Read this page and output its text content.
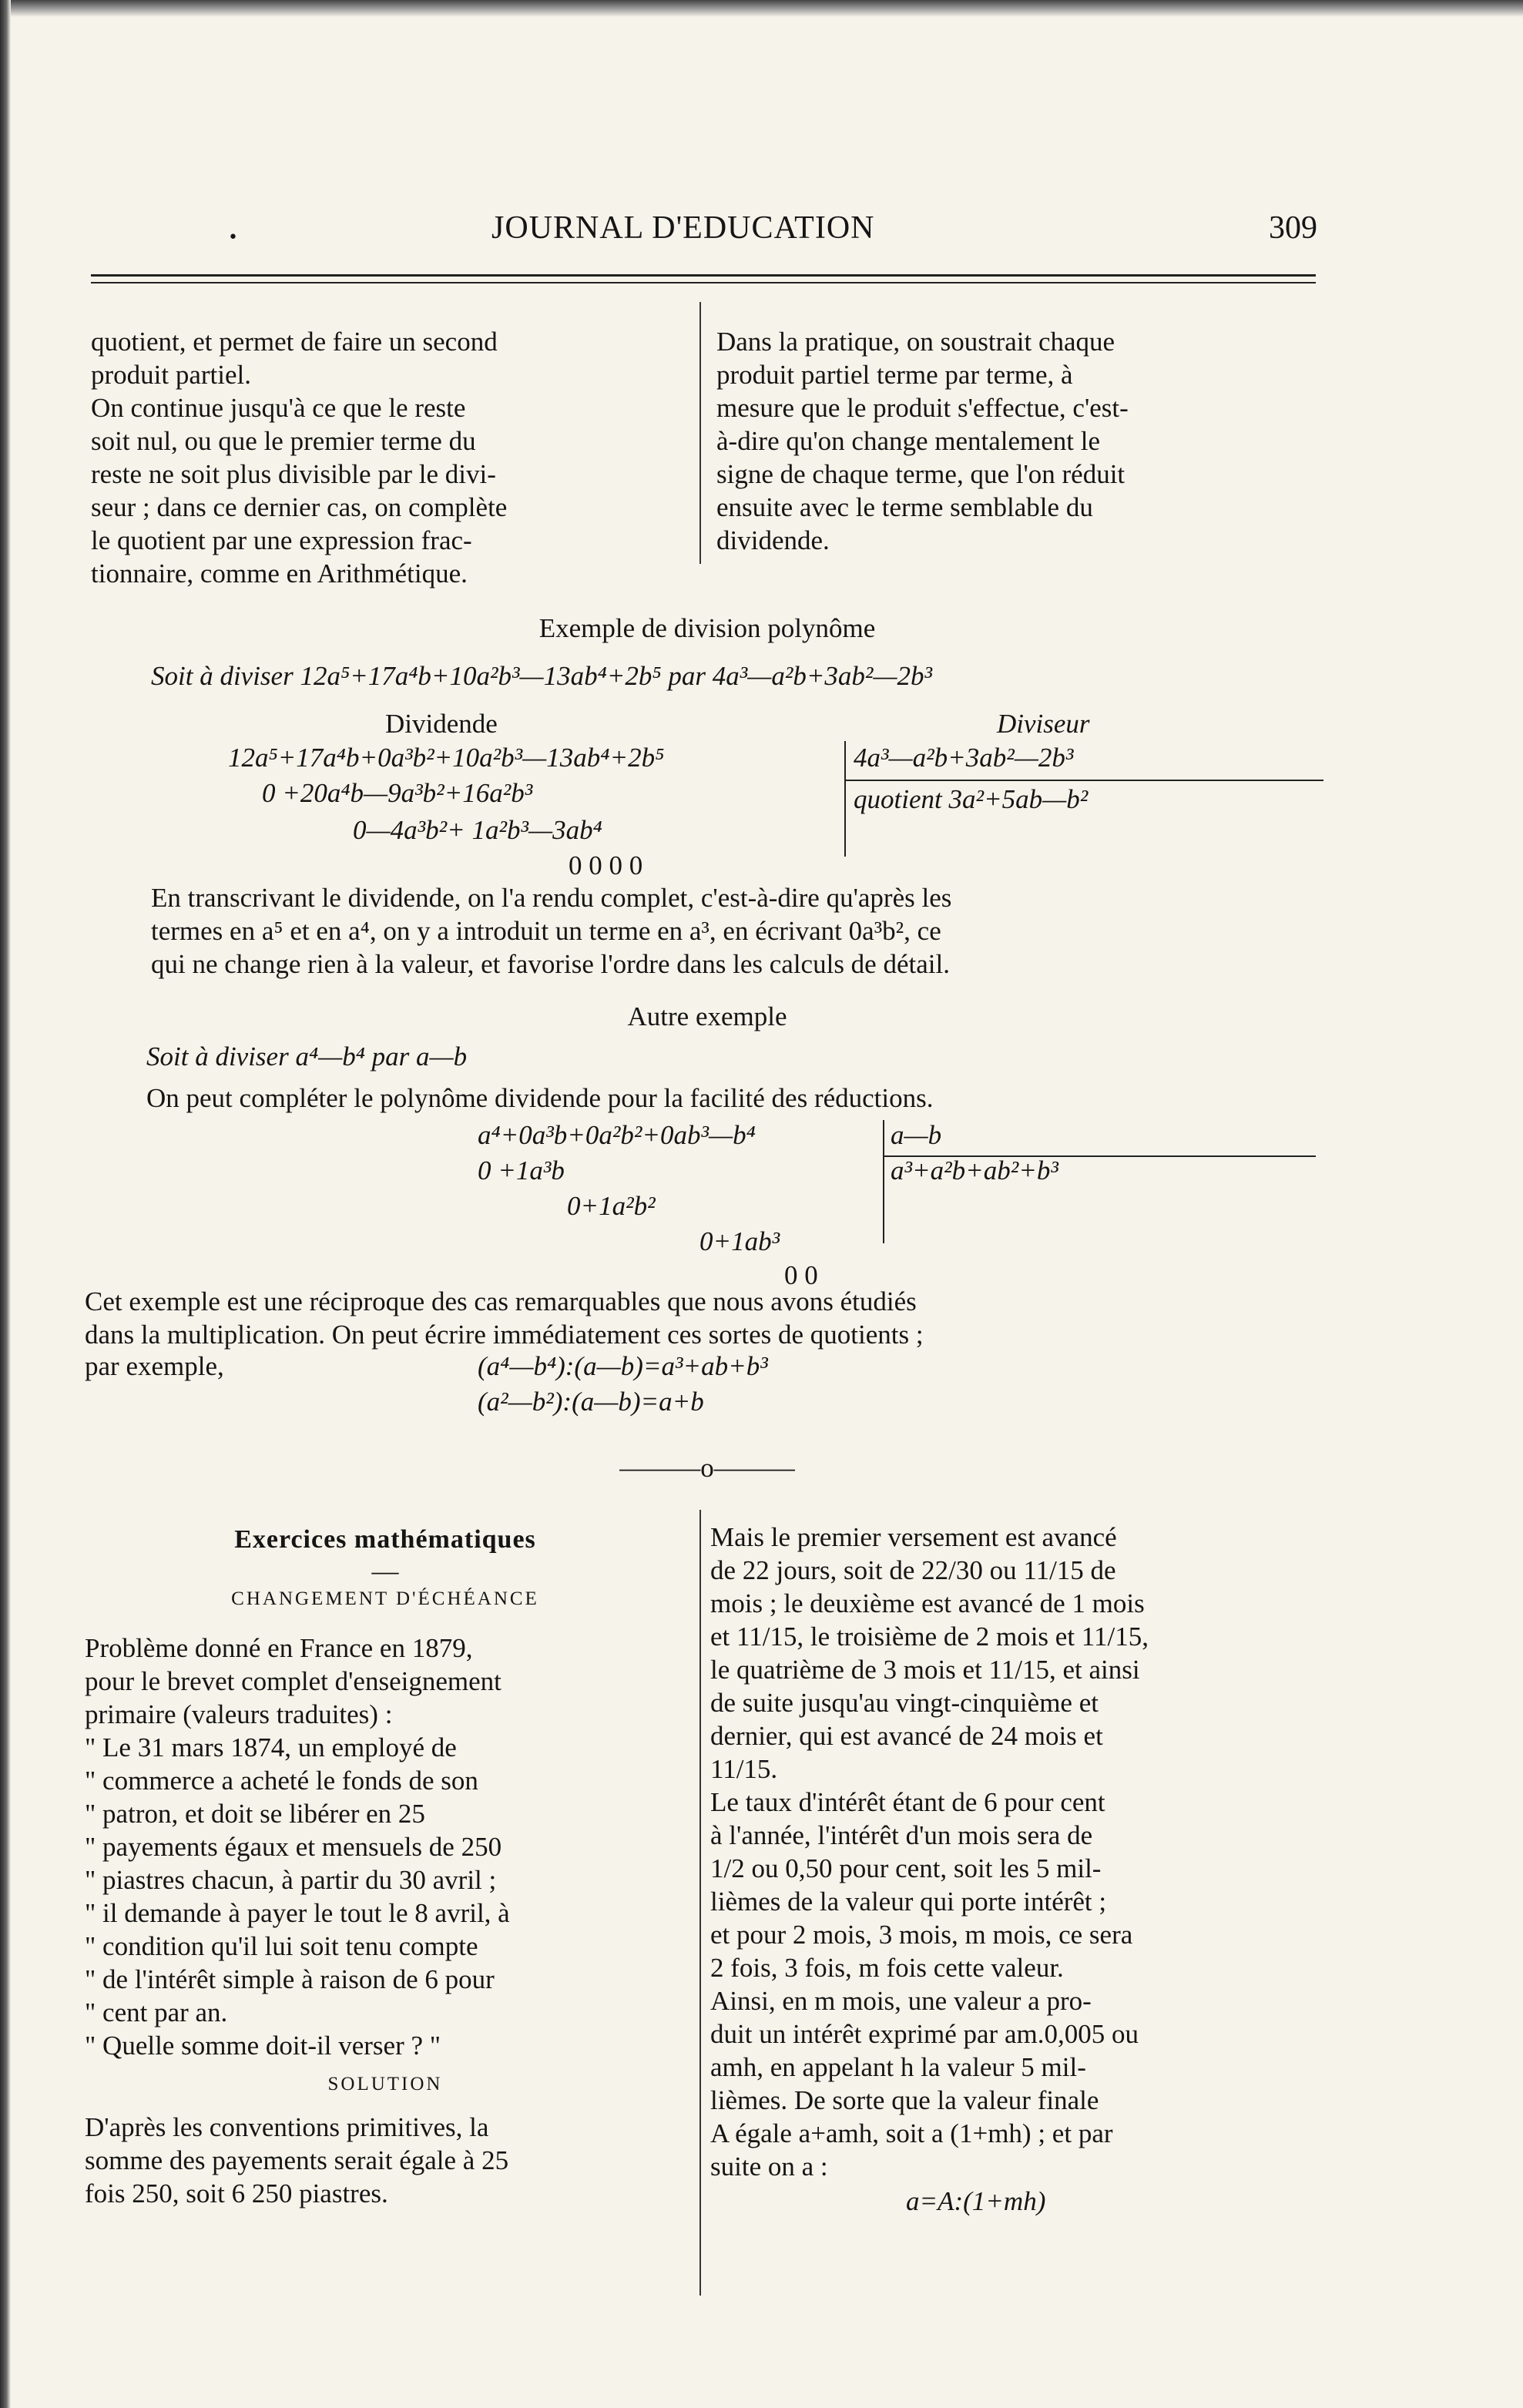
•	JOURNAL D'EDUCATION	309
quotient, et permet de faire un second
produit partiel.
On continue jusqu'à ce que le reste
soit nul, ou que le premier terme du
reste ne soit plus divisible par le divi-
seur ; dans ce dernier cas, on complète
le quotient par une expression frac-
tionnaire, comme en Arithmétique.
Dans la pratique, on soustrait chaque
produit partiel terme par terme, à
mesure que le produit s'effectue, c'est-
à-dire qu'on change mentalement le
signe de chaque terme, que l'on réduit
ensuite avec le terme semblable du
dividende.
Exemple de division polynôme
Soit à diviser 12a⁵+17a⁴b+10a²b³—13ab⁴+2b⁵ par 4a³—a²b+3ab²—2b³
Dividende	Diviseur
12a⁵+17a⁴b+0a³b²+10a²b³—13ab⁴+2b⁵
0 +20a⁴b—9a³b²+16a²b³
0—4a³b²+ 1a²b³—3ab⁴
0 0 0 0
4a³—a²b+3ab²—2b³
quotient 3a²+5ab—b²
En transcrivant le dividende, on l'a rendu complet, c'est-à-dire qu'après les
termes en a⁵ et en a⁴, on y a introduit un terme en a³, en écrivant 0a³b², ce
qui ne change rien à la valeur, et favorise l'ordre dans les calculs de détail.
Autre exemple
Soit à diviser a⁴—b⁴ par a—b
On peut compléter le polynôme dividende pour la facilité des réductions.
a⁴+0a³b+0a²b²+0ab³—b⁴
0 +1a³b
0+1a²b²
0+1ab³
0 0
a—b
a³+a²b+ab²+b³
Cet exemple est une réciproque des cas remarquables que nous avons étudiés
dans la multiplication. On peut écrire immédiatement ces sortes de quotients ;
par exemple,	(a⁴—b⁴):(a—b)=a³+ab+b³
(a²—b²):(a—b)=a+b
———o———
Exercices mathématiques
—
CHANGEMENT D'ÉCHÉANCE
Problème donné en France en 1879,
pour le brevet complet d'enseignement
primaire (valeurs traduites) :
" Le 31 mars 1874, un employé de
" commerce a acheté le fonds de son
" patron, et doit se libérer en 25
" payements égaux et mensuels de 250
" piastres chacun, à partir du 30 avril ;
" il demande à payer le tout le 8 avril, à
" condition qu'il lui soit tenu compte
" de l'intérêt simple à raison de 6 pour
" cent par an.
" Quelle somme doit-il verser ? "
SOLUTION
D'après les conventions primitives, la
somme des payements serait égale à 25
fois 250, soit 6 250 piastres.
Mais le premier versement est avancé
de 22 jours, soit de 22/30 ou 11/15 de
mois ; le deuxième est avancé de 1 mois
et 11/15, le troisième de 2 mois et 11/15,
le quatrième de 3 mois et 11/15, et ainsi
de suite jusqu'au vingt-cinquième et
dernier, qui est avancé de 24 mois et
11/15.
Le taux d'intérêt étant de 6 pour cent
à l'année, l'intérêt d'un mois sera de
1/2 ou 0,50 pour cent, soit les 5 mil-
lièmes de la valeur qui porte intérêt ;
et pour 2 mois, 3 mois, m mois, ce sera
2 fois, 3 fois, m fois cette valeur.
Ainsi, en m mois, une valeur a pro-
duit un intérêt exprimé par am.0,005 ou
amh, en appelant h la valeur 5 mil-
lièmes. De sorte que la valeur finale
A égale a+amh, soit a (1+mh) ; et par
suite on a :
a=A:(1+mh)
